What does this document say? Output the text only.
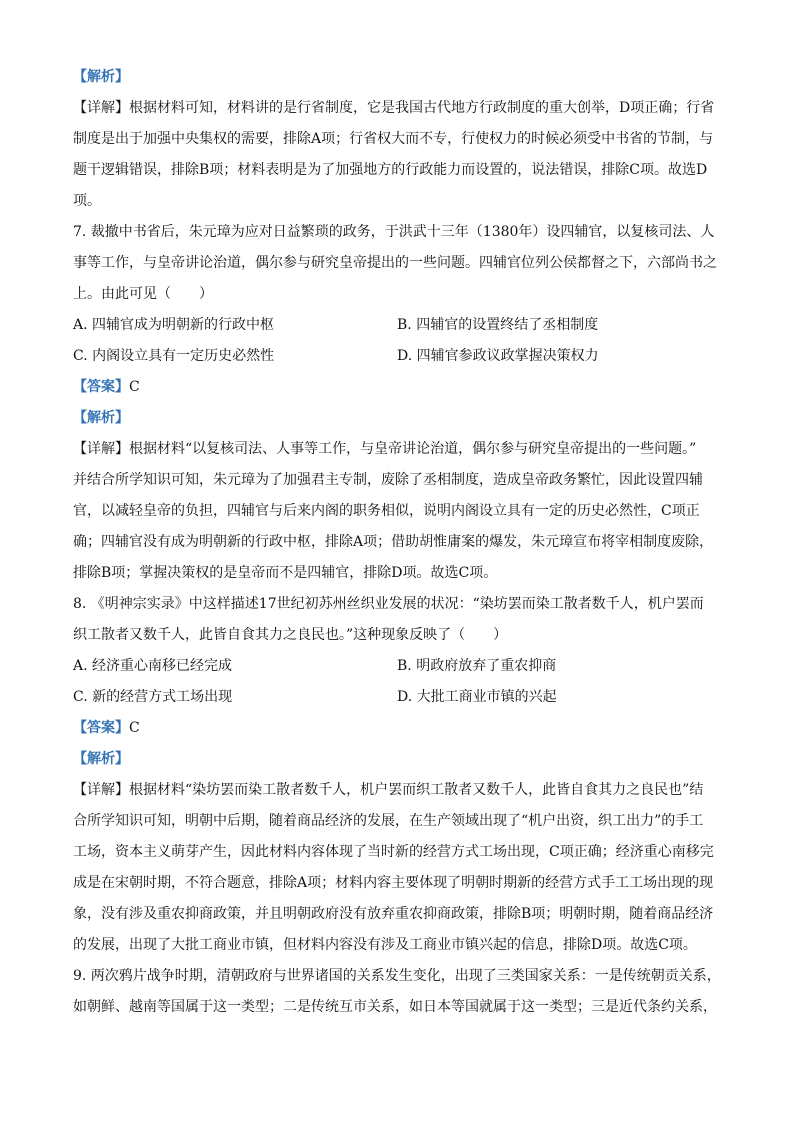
【解析】
【详解】根据材料可知，材料讲的是行省制度，它是我国古代地方行政制度的重大创举，D项正确；行省
制度是出于加强中央集权的需要，排除A项；行省权大而不专，行使权力的时候必须受中书省的节制，与
题干逻辑错误，排除B项；材料表明是为了加强地方的行政能力而设置的，说法错误，排除C项。故选D
项。
7. 裁撤中书省后，朱元璋为应对日益繁琐的政务，于洪武十三年（1380年）设四辅官，以复核司法、人
事等工作，与皇帝讲论治道，偶尔参与研究皇帝提出的一些问题。四辅官位列公侯都督之下，六部尚书之
上。由此可见（　　）
A. 四辅官成为明朝新的行政中枢	B. 四辅官的设置终结了丞相制度
C. 内阁设立具有一定历史必然性	D. 四辅官参政议政掌握决策权力
【答案】C
【解析】
【详解】根据材料“以复核司法、人事等工作，与皇帝讲论治道，偶尔参与研究皇帝提出的一些问题。”
并结合所学知识可知，朱元璋为了加强君主专制，废除了丞相制度，造成皇帝政务繁忙，因此设置四辅
官，以减轻皇帝的负担，四辅官与后来内阁的职务相似，说明内阁设立具有一定的历史必然性，C项正
确；四辅官没有成为明朝新的行政中枢，排除A项；借助胡惟庸案的爆发，朱元璋宣布将宰相制度废除，
排除B项；掌握决策权的是皇帝而不是四辅官，排除D项。故选C项。
8. 《明神宗实录》中这样描述17世纪初苏州丝织业发展的状况：“染坊罢而染工散者数千人，机户罢而
织工散者又数千人，此皆自食其力之良民也。”这种现象反映了（　　）
A. 经济重心南移已经完成	B. 明政府放弃了重农抑商
C. 新的经营方式工场出现	D. 大批工商业市镇的兴起
【答案】C
【解析】
【详解】根据材料“染坊罢而染工散者数千人，机户罢而织工散者又数千人，此皆自食其力之良民也”结
合所学知识可知，明朝中后期，随着商品经济的发展，在生产领域出现了“机户出资，织工出力”的手工
工场，资本主义萌芽产生，因此材料内容体现了当时新的经营方式工场出现，C项正确；经济重心南移完
成是在宋朝时期，不符合题意，排除A项；材料内容主要体现了明朝时期新的经营方式手工工场出现的现
象，没有涉及重农抑商政策，并且明朝政府没有放弃重农抑商政策，排除B项；明朝时期，随着商品经济
的发展，出现了大批工商业市镇，但材料内容没有涉及工商业市镇兴起的信息，排除D项。故选C项。
9. 两次鸦片战争时期，清朝政府与世界诸国的关系发生变化，出现了三类国家关系：一是传统朝贡关系，
如朝鲜、越南等国属于这一类型；二是传统互市关系，如日本等国就属于这一类型；三是近代条约关系，
